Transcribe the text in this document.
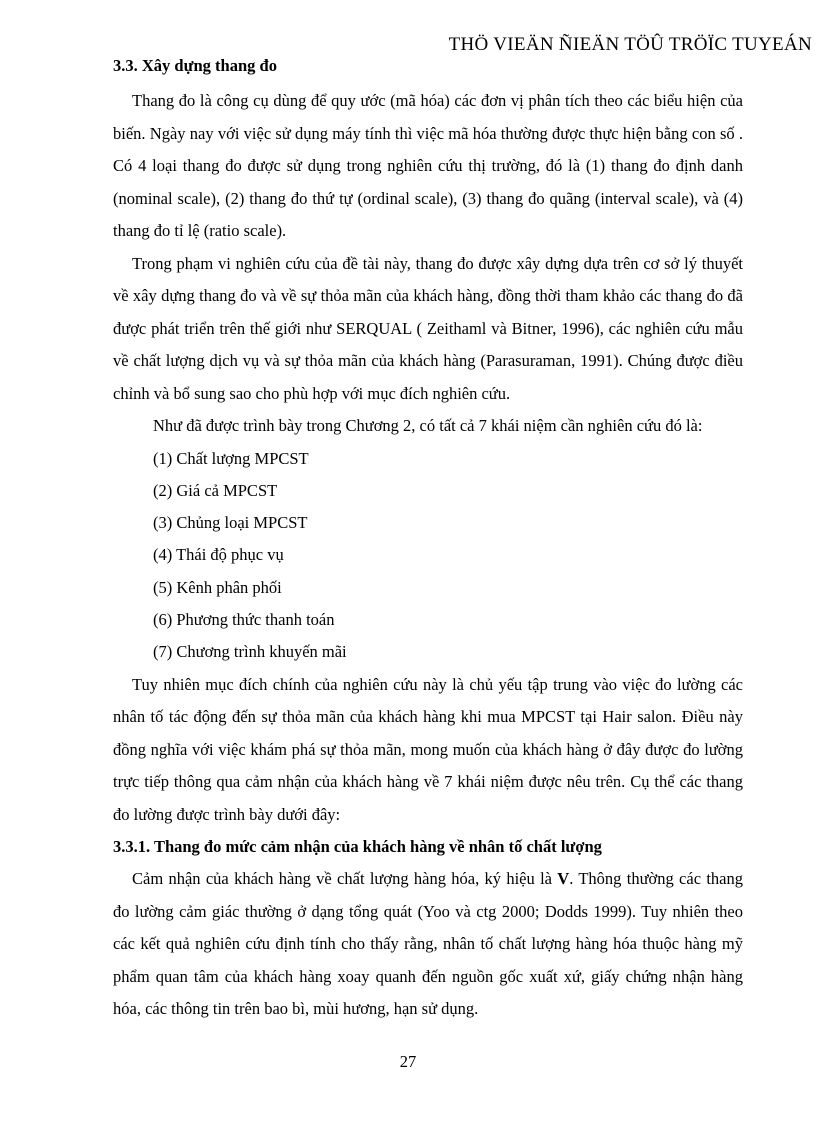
THÖ VIEÄN ÑIEÄN TÖÛ TRÖÏC TUYEÁN
3.3. Xây dựng thang đo

Thang đo là công cụ dùng để quy ước (mã hóa) các đơn vị phân tích theo các biểu hiện của biến. Ngày nay với việc sử dụng máy tính thì việc mã hóa thường được thực hiện bằng con số . Có 4 loại thang đo được sử dụng trong nghiên cứu thị trường, đó là (1) thang đo định danh (nominal scale), (2) thang đo thứ tự (ordinal scale), (3) thang đo quãng (interval scale), và (4) thang đo tỉ lệ (ratio scale).

Trong phạm vi nghiên cứu của đề tài này, thang đo được xây dựng dựa trên cơ sở lý thuyết về xây dựng thang đo và về sự thỏa mãn của khách hàng, đồng thời tham khảo các thang đo đã được phát triển trên thế giới như SERQUAL ( Zeithaml và Bitner, 1996), các nghiên cứu mẫu về chất lượng dịch vụ và sự thỏa mãn của khách hàng (Parasuraman, 1991). Chúng được điều chỉnh và bổ sung sao cho phù hợp với mục đích nghiên cứu.

Như đã được trình bày trong Chương 2, có tất cả 7 khái niệm cần nghiên cứu đó là:

(1) Chất lượng MPCST
(2) Giá cả MPCST
(3) Chủng loại MPCST
(4) Thái độ phục vụ
(5) Kênh phân phối
(6) Phương thức thanh toán
(7) Chương trình khuyến mãi

Tuy nhiên mục đích chính của nghiên cứu này là chủ yếu tập trung vào việc đo lường các nhân tố tác động đến sự thỏa mãn của khách hàng khi mua MPCST tại Hair salon. Điều này đồng nghĩa với việc khám phá sự thỏa mãn, mong muốn của khách hàng ở đây được đo lường trực tiếp thông qua cảm nhận của khách hàng về 7 khái niệm được nêu trên. Cụ thể các thang đo lường được trình bày dưới đây:

3.3.1. Thang đo mức cảm nhận của khách hàng về nhân tố chất lượng

Cảm nhận của khách hàng về chất lượng hàng hóa, ký hiệu là V. Thông thường các thang đo lường cảm giác thường ở dạng tổng quát (Yoo và ctg 2000; Dodds 1999). Tuy nhiên theo các kết quả nghiên cứu định tính cho thấy rằng, nhân tố chất lượng hàng hóa thuộc hàng mỹ phẩm quan tâm của khách hàng xoay quanh đến nguồn gốc xuất xứ, giấy chứng nhận hàng hóa, các thông tin trên bao bì, mùi hương, hạn sử dụng.

27
